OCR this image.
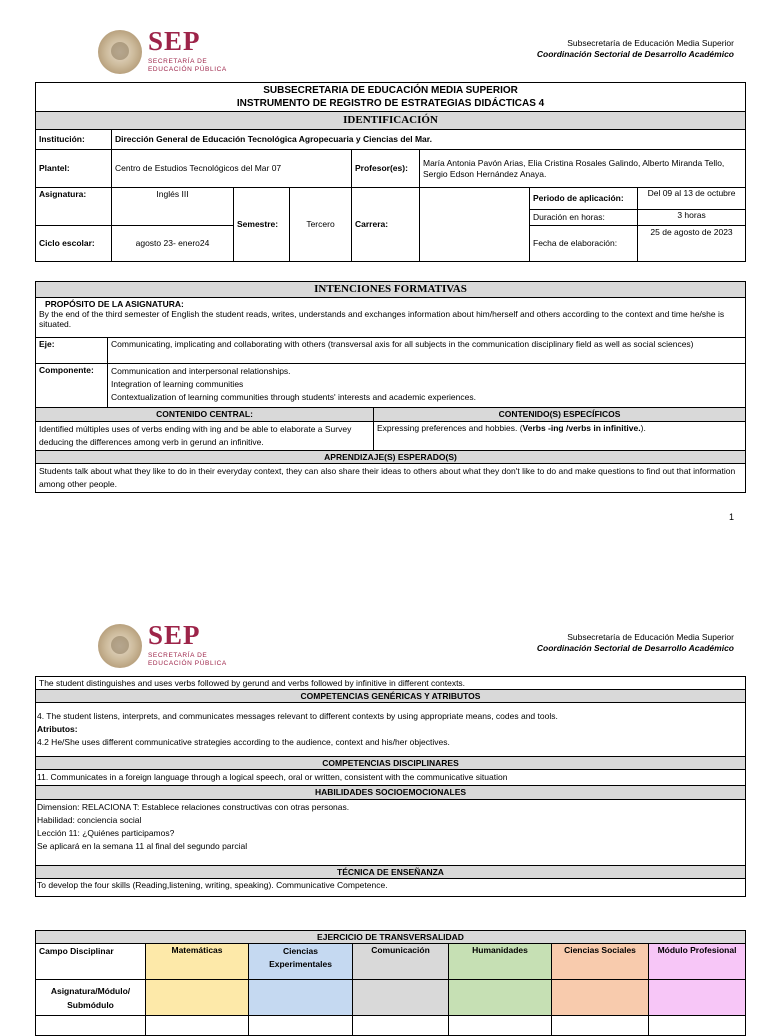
SEP
SECRETARÍA DE
EDUCACIÓN PÚBLICA
Subsecretaría de Educación Media Superior
Coordinación Sectorial de Desarrollo Académico
SUBSECRETARIA DE EDUCACIÓN MEDIA SUPERIOR
INSTRUMENTO DE REGISTRO DE ESTRATEGIAS DIDÁCTICAS 4							

IDENTIFICACIÓN							
Institución:	Dirección General de Educación Tecnológica Agropecuaria y Ciencias del Mar.						
Plantel:	Centro de Estudios Tecnológicos del Mar 07			Profesor(es):	María Antonia Pavón Arias, Elia Cristina Rosales Galindo, Alberto Miranda Tello, Sergio Edson Hernández Anaya.		
Asignatura:	Inglés III	Semestre:	Tercero	Carrera:		Periodo de aplicación:	Del 09 al 13 de octubre
						Duración en horas:	3 horas
Ciclo escolar:	agosto 23- enero24					Fecha de elaboración:	25 de agosto de 2023
INTENCIONES FORMATIVAS		

PROPÓSITO DE LA ASIGNATURA:
By the end of the third semester of English the student reads, writes, understands and exchanges information about him/herself and others according to the context and time he/she is situated.		

Eje:	Communicating, implicating and collaborating with others (transversal axis for all subjects in the communication disciplinary field as well as social sciences)	
Componente:	Communication and interpersonal relationships.
Integration of learning communities
Contextualization of learning communities through students' interests and academic experiences.	

CONTENIDO CENTRAL:		CONTENIDO(S) ESPECÍFICOS
Identified múltiples uses of verbs ending with ing and be able to elaborate a Survey deducing the differences among verb in gerund an infinitive.		Expressing preferences and hobbies. (Verbs -ing /verbs in infinitive.).
APRENDIZAJE(S) ESPERADO(S)		
Students talk about what they like to do in their everyday context, they can also share their ideas to others about what they don't like to do and make questions to find out that information among other people.		
1
SEP
SECRETARÍA DE
EDUCACIÓN PÚBLICA
Subsecretaría de Educación Media Superior
Coordinación Sectorial de Desarrollo Académico
The student distinguishes and uses verbs followed by gerund and verbs followed by infinitive in different contexts.
COMPETENCIAS GENÉRICAS Y ATRIBUTOS

4. The student listens, interprets, and communicates messages relevant to different contexts by using appropriate means, codes and tools.
Atributos:
4.2 He/She uses different communicative strategies according to the audience, context and his/her objectives.

COMPETENCIAS DISCIPLINARES
11. Communicates in a foreign language through a logical speech, oral or written, consistent with the communicative situation
HABILIDADES SOCIOEMOCIONALES

Dimension: RELACIONA T: Establece relaciones constructivas con otras personas.
Habilidad: conciencia social
Lección 11: ¿Quiénes participamos?
Se aplicará en la semana 11 al final del segundo parcial

TÉCNICA DE ENSEÑANZA
To develop the four skills (Reading,listening, writing, speaking). Communicative Competence.
EJERCICIO DE TRANSVERSALIDAD						
Campo Disciplinar	Matemáticas	Ciencias Experimentales	Comunicación	Humanidades	Ciencias Sociales	Módulo Profesional
Asignatura/Módulo/ Submódulo						
